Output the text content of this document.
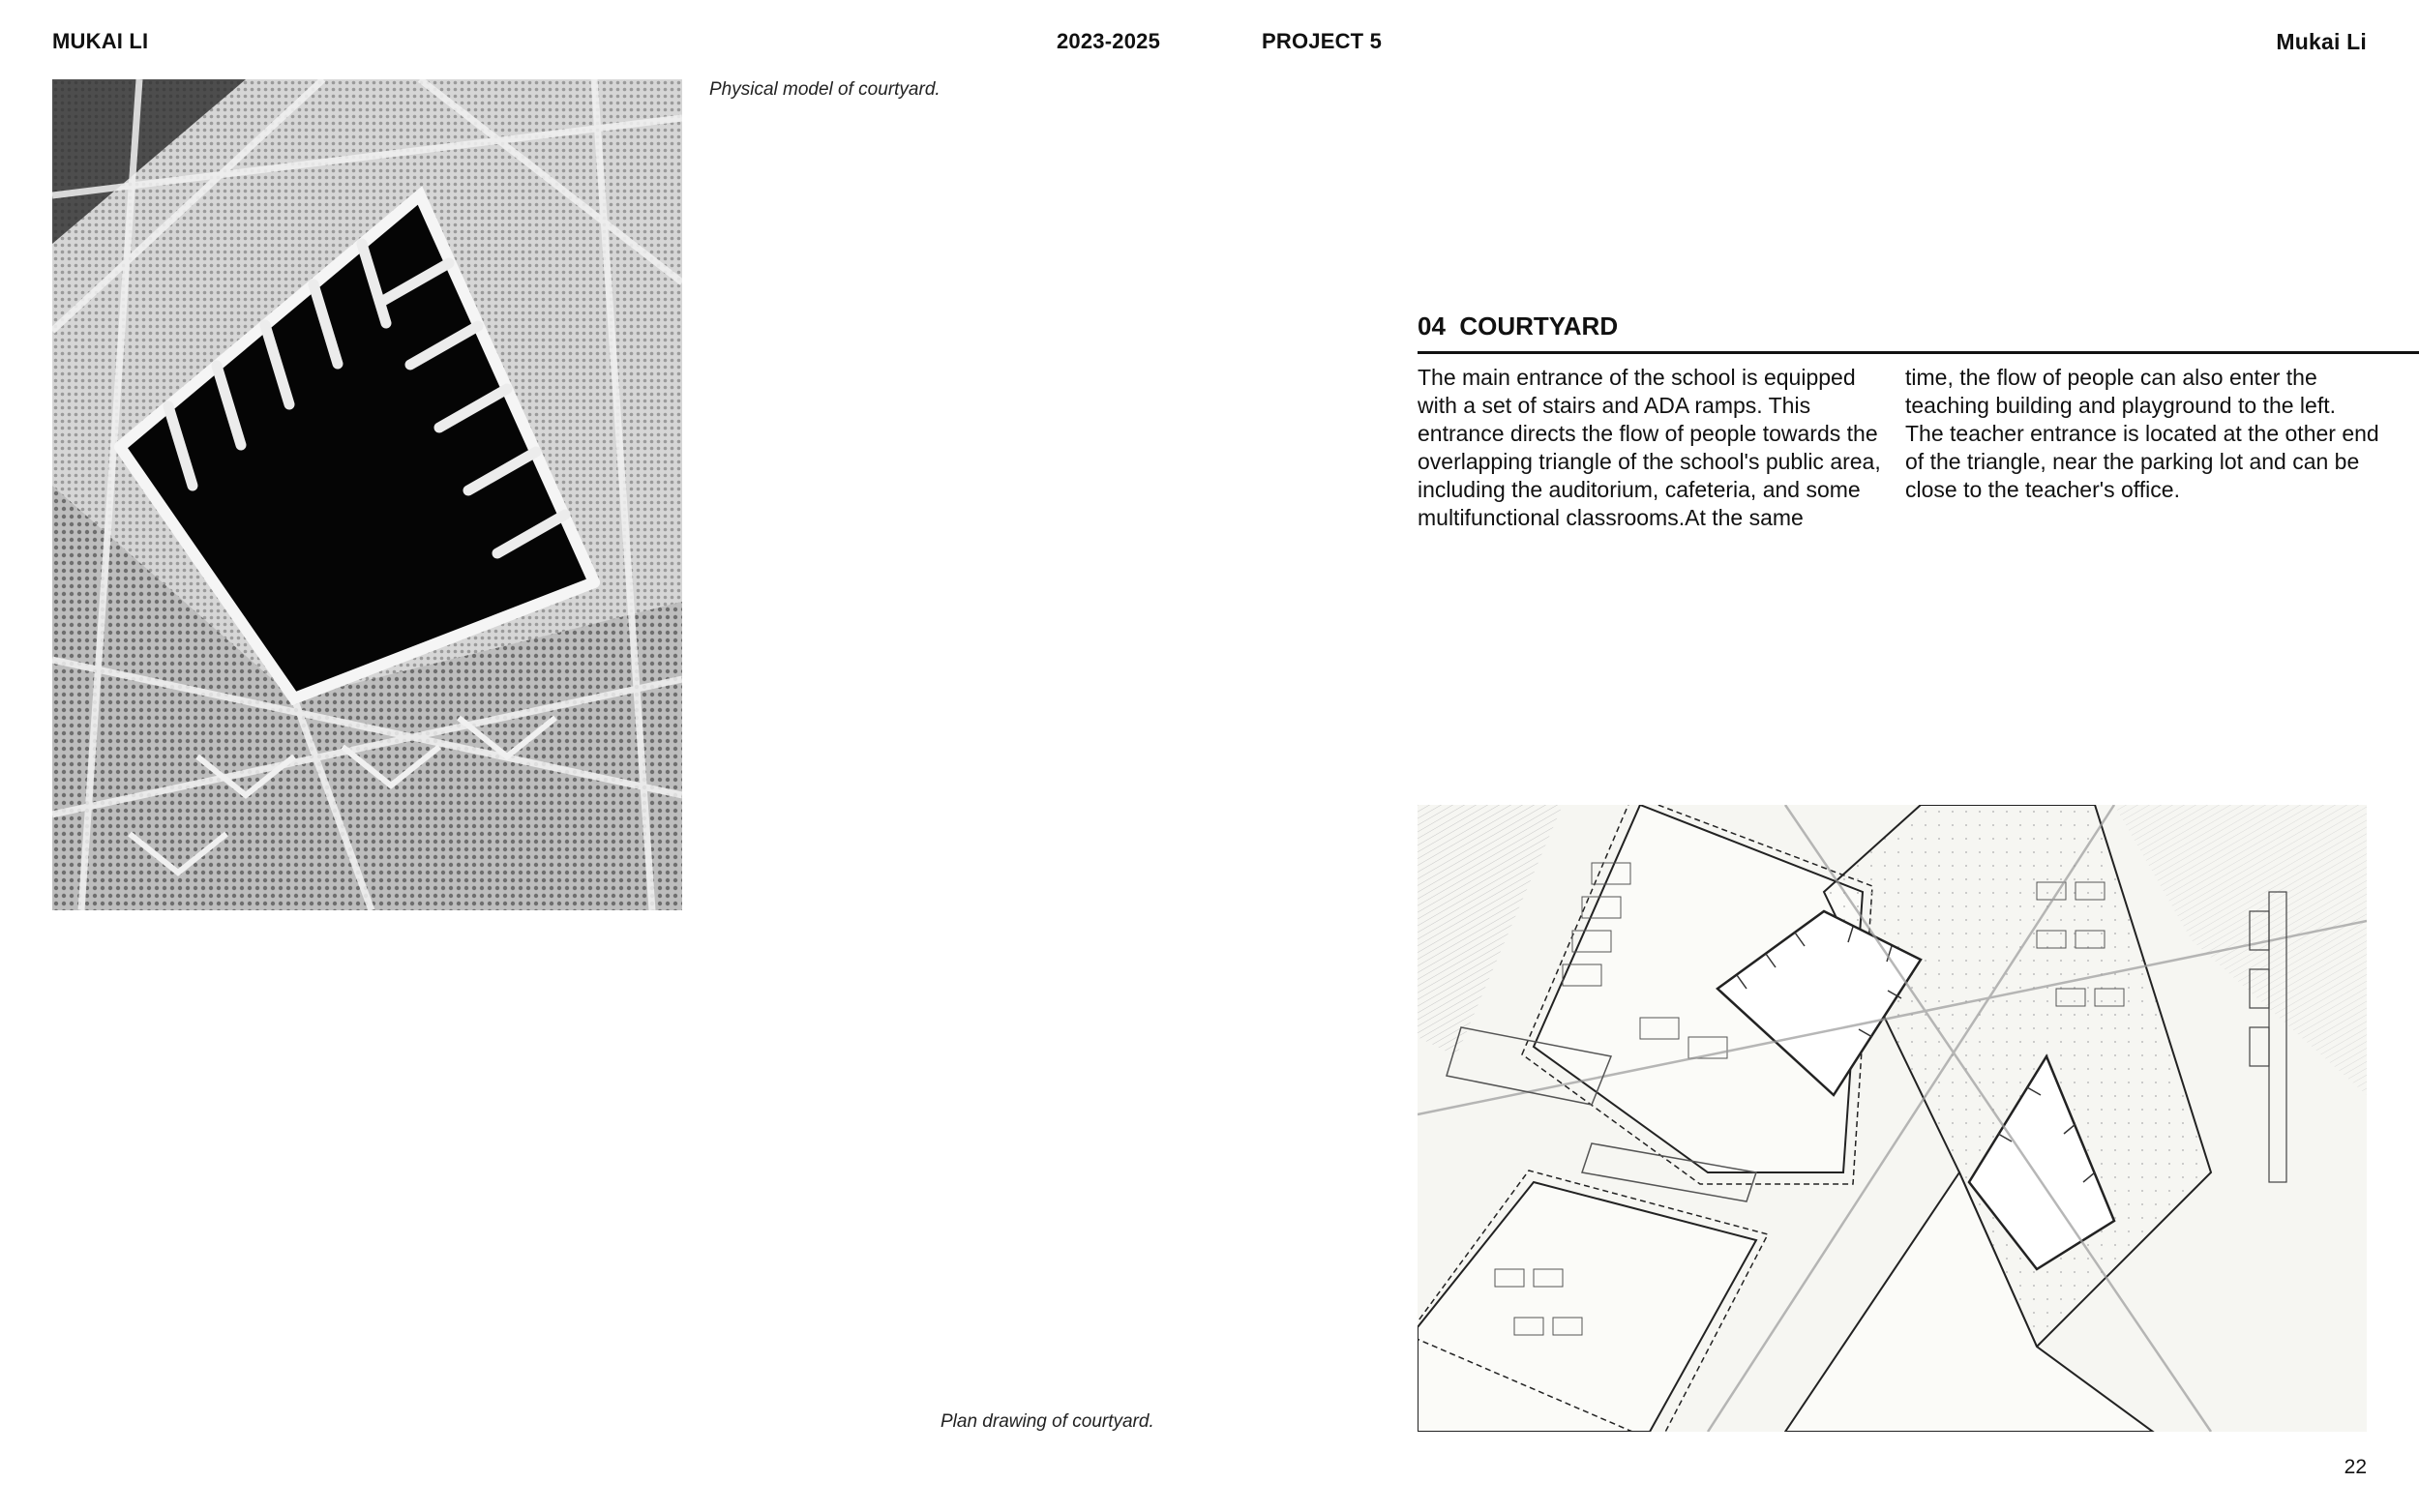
MUKAI LI	2023-2025	PROJECT 5	Mukai Li
Physical model of courtyard.
04 COURTYARD
The main entrance of the school is equipped with a set of stairs and ADA ramps. This entrance directs the flow of people towards the overlapping triangle of the school's public area, including the auditorium, cafeteria, and some multifunctional classrooms.At the same
time, the flow of people can also enter the teaching building and playground to the left. The teacher entrance is located at the other end of the triangle, near the parking lot and can be close to the teacher's office.
Plan drawing of courtyard.
22
